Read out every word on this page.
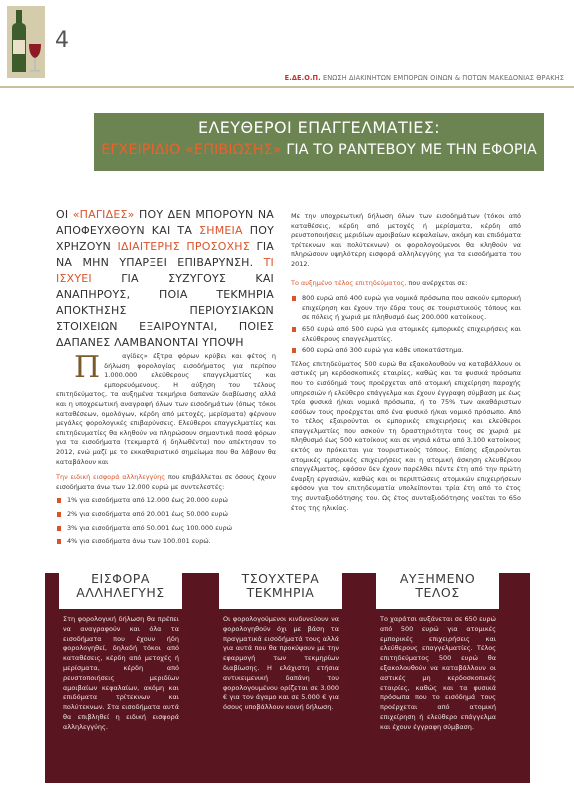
4
Ε.ΔΕ.Ο.Π. ΕΝΩΣΗ ΔΙΑΚΙΝΗΤΩΝ ΕΜΠΟΡΩΝ ΟΙΝΩΝ & ΠΟΤΩΝ ΜΑΚΕΔΟΝΙΑΣ ΘΡΑΚΗΣ
ΕΛΕΥΘΕΡΟΙ ΕΠΑΓΓΕΛΜΑΤΙΕΣ:
ΕΓΧΕΙΡΙΔΙΟ «ΕΠΙΒΙΩΣΗΣ» ΓΙΑ ΤΟ ΡΑΝΤΕΒΟΥ ΜΕ ΤΗΝ ΕΦΟΡΙΑ
ΟΙ «ΠΑΓΙΔΕΣ» ΠΟΥ ΔΕΝ ΜΠΟΡΟΥΝ ΝΑ ΑΠΟΦΕΥΧΘΟΥΝ ΚΑΙ ΤΑ ΣΗΜΕΙΑ ΠΟΥ ΧΡΗΖΟΥΝ ΙΔΙΑΙΤΕΡΗΣ ΠΡΟΣΟΧΗΣ ΓΙΑ ΝΑ ΜΗΝ ΥΠΑΡΞΕΙ ΕΠΙΒΑΡΥΝΣΗ. ΤΙ ΙΣΧΥΕΙ ΓΙΑ ΣΥΖΥΓΟΥΣ ΚΑΙ ΑΝΑΠΗΡΟΥΣ, ΠΟΙΑ ΤΕΚΜΗΡΙΑ ΑΠΟΚΤΗΣΗΣ ΠΕΡΙΟΥΣΙΑΚΩΝ ΣΤΟΙΧΕΙΩΝ ΕΞΑΙΡΟΥΝΤΑΙ, ΠΟΙΕΣ ΔΑΠΑΝΕΣ ΛΑΜΒΑΝΟΝΤΑΙ ΥΠΟΨΗ

Π	αγίδες» έξτρα φόρων κρύβει και φέτος η δήλωση φορολογίας εισοδήματος για περίπου 1.000.000 ελεύθερους επαγγελματίες και εμπορευόμενους. Η αύξηση του τέλους επιτηδεύματος, τα αυξημένα τεκμήρια δαπανών διαβίωσης αλλά και η υποχρεωτική αναγραφή όλων των εισοδημάτων (όπως τόκοι καταθέσεων, ομολόγων, κέρδη από μετοχές, μερίσματα) φέρνουν μεγάλες φορολογικές επιβαρύνσεις. Ελεύθεροι επαγγελματίες και επιτηδευματίες θα κληθούν να πληρώσουν σημαντικά ποσά φόρων για τα εισοδήματα (τεκμαρτά ή δηλωθέντα) που απέκτησαν το 2012, ενώ μαζί με το εκκαθαριστικό σημείωμα που θα λάβουν θα καταβάλουν και

Την ειδική εισφορά αλληλεγγύης που επιβάλλεται σε όσους έχουν εισοδήματα άνω των 12.000 ευρώ με συντελεστές:

1% για εισοδήματα από 12.000 έως 20.000 ευρώ

2% για εισοδήματα από 20.001 έως 50.000 ευρώ

3% για εισοδήματα από 50.001 έως 100.000 ευρώ

4% για εισοδήματα άνω των 100.001 ευρώ.

Με την υποχρεωτική δήλωση όλων των εισοδημάτων (τόκοι από καταθέσεις, κέρδη από μετοχές ή μερίσματα, κέρδη από ρευστοποιήσεις μεριδίων αμοιβαίων κεφαλαίων, ακόμη και επιδόματα τρίτεκνων και πολύτεκνων) οι φορολογούμενοι θα κληθούν να πληρώσουν υψηλότερη εισφορά αλληλεγγύης για τα εισοδήματα του 2012.

Το αυξημένο τέλος επιτηδεύματος, που ανέρχεται σε:

800 ευρώ από 400 ευρώ για νομικά πρόσωπα που ασκούν εμπορική επιχείρηση και έχουν την έδρα τους σε τουριστικούς τόπους και σε πόλεις ή χωριά με πληθυσμό έως 200.000 κατοίκους.

650 ευρώ από 500 ευρώ για ατομικές εμπορικές επιχειρήσεις και ελεύθερους επαγγελματίες.

600 ευρώ από 300 ευρώ για κάθε υποκατάστημα.

Τέλος επιτηδεύματος 500 ευρώ θα εξακολουθούν να καταβάλλουν οι αστικές μη κερδοσκοπικές εταιρίες, καθώς και τα φυσικά πρόσωπα που το εισόδημά τους προέρχεται από ατομική επιχείρηση παροχής υπηρεσιών ή ελεύθερο επάγγελμα και έχουν έγγραφη σύμβαση με έως τρία φυσικά ή/και νομικά πρόσωπα, ή το 75% των ακαθάριστων εσόδων τους προέρχεται από ένα φυσικό ή/και νομικό πρόσωπο. Από το τέλος εξαιρούνται οι εμπορικές επιχειρήσεις και ελεύθεροι επαγγελματίες που ασκούν τη δραστηριότητα τους σε χωριά με πληθυσμό έως 500 κατοίκους και σε νησιά κάτω από 3.100 κατοίκους εκτός αν πρόκειται για τουριστικούς τόπους. Επίσης εξαιρούνται ατομικές εμπορικές επιχειρήσεις και η ατομική άσκηση ελευθέριου επαγγέλματος, εφόσον δεν έχουν παρέλθει πέντε έτη από την πρώτη έναρξη εργασιών, καθώς και οι περιπτώσεις ατομικών επιχειρήσεων εφόσον για τον επιτηδευματία υπολείπονται τρία έτη από το έτος της συνταξιοδότησης του. Ως έτος συνταξιοδότησης νοείται το 65ο έτος της ηλικίας.

ΕΙΣΦΟΡΑ
ΑΛΛΗΛΕΓΥΗΣ
Στη φορολογική δήλωση θα πρέπει να αναγραφούν και όλα τα εισοδήματα που έχουν ήδη φορολογηθεί, δηλαδή τόκοι από καταθέσεις, κέρδη από μετοχές ή μερίσματα, κέρδη από ρευστοποιήσεις μεριδίων αμοιβαίων κεφαλαίων, ακόμη και επιδόματα τρίτεκνων και πολύτεκνων. Στα εισοδήματα αυτά θα επιβληθεί η ειδική εισφορά αλληλεγγύης.
ΤΣΟΥΧΤΕΡΑ
ΤΕΚΜΗΡΙΑ
Οι φορολογούμενοι κινδυνεύουν να φορολογηθούν όχι με βάση τα πραγματικά εισοδήματά τους αλλά για αυτά που θα προκύψουν με την εφαρμογή των τεκμηρίων διαβίωσης. Η ελάχιστη ετήσια αντικειμενική δαπάνη του φορολογουμένου ορίζεται σε 3.000 € για τον άγαμο και σε 5.000 € για όσους υποβάλλουν κοινή δήλωση.
ΑΥΞΗΜΕΝΟ
ΤΕΛΟΣ
Το χαράτσι αυξάνεται σε 650 ευρώ από 500 ευρώ για ατομικές εμπορικές επιχειρήσεις και ελεύθερους επαγγελματίες. Τέλος επιτηδεύματος 500 ευρώ θα εξακολουθούν να καταβάλλουν οι αστικές μη κερδοσκοπικές εταιρίες, καθώς και τα φυσικά πρόσωπα που το εισόδημά τους προέρχεται από ατομική επιχείρηση ή ελεύθερο επάγγελμα και έχουν έγγραφη σύμβαση.
